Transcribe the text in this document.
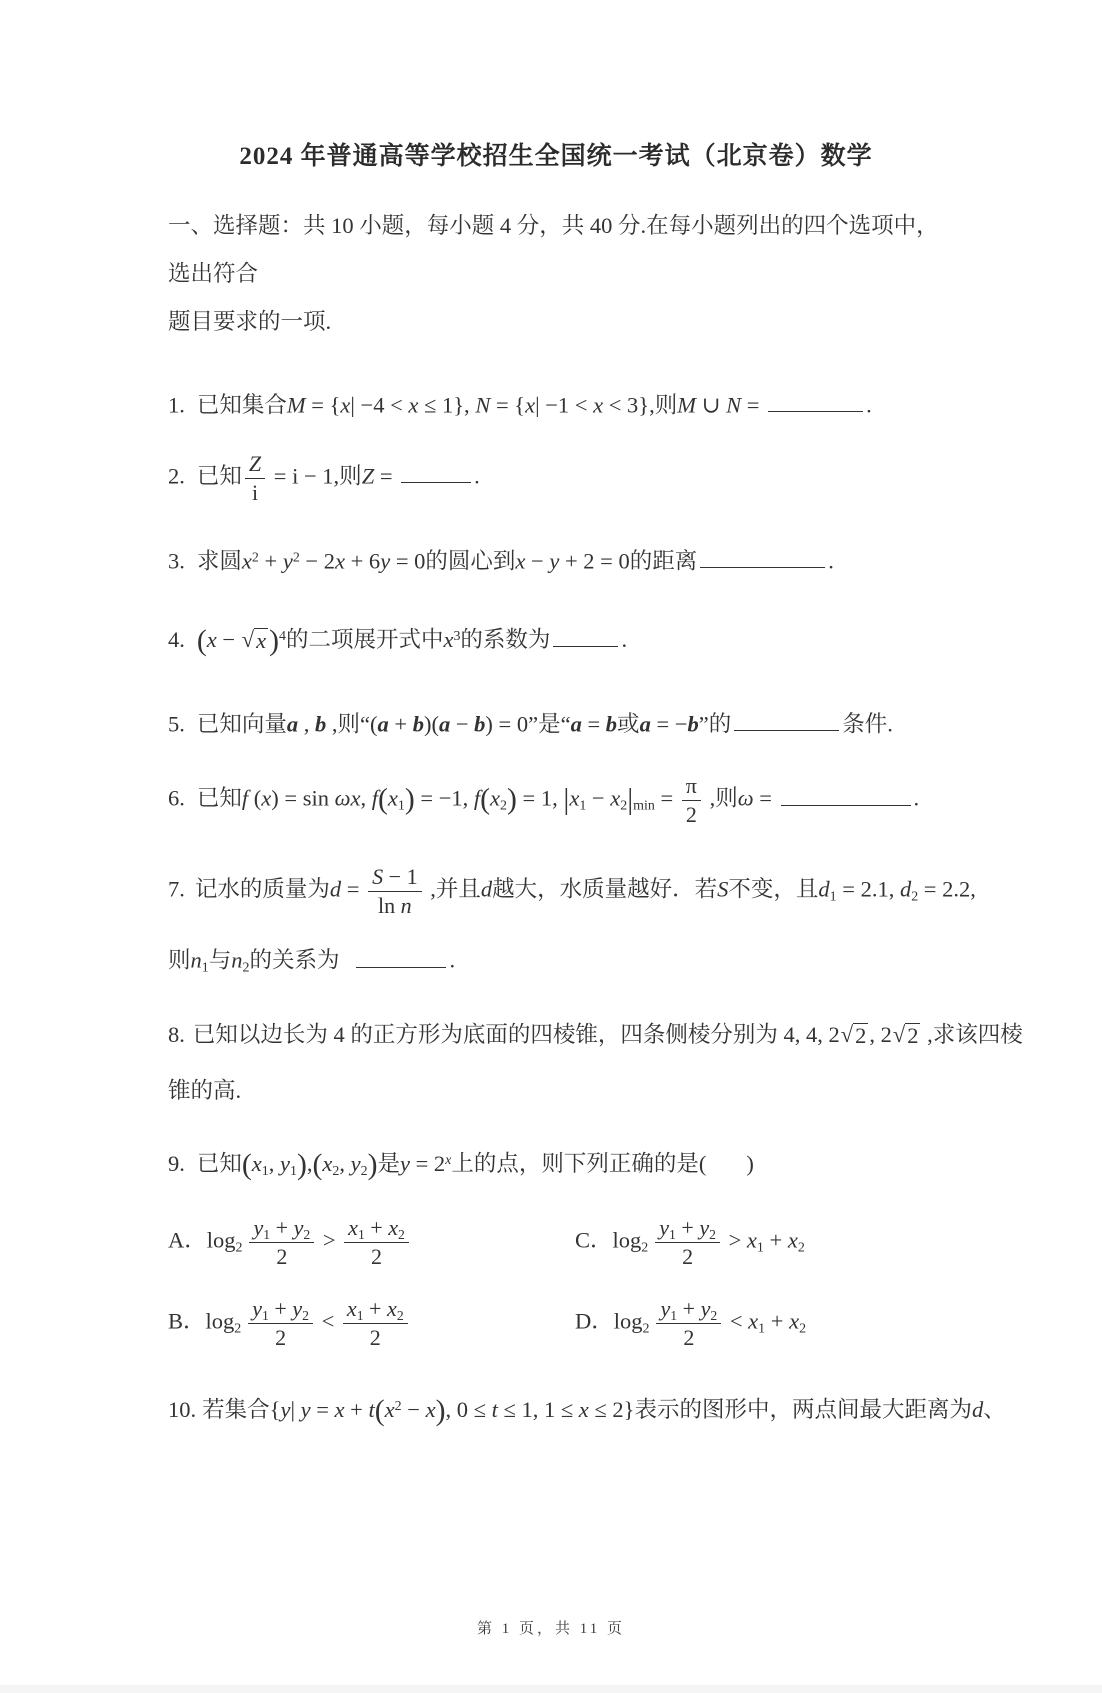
2024 年普通高等学校招生全国统一考试（北京卷）数学
一、选择题：共 10 小题，每小题 4 分，共 40 分.在每小题列出的四个选项中，选出符合
题目要求的一项.
1. 已知集合M = {x| −4 < x ≤ 1}, N = {x| −1 < x < 3},则M ∪ N =	.
2. 已知 $\frac{Z}{i} = i - 1$,则Z =	.
3. 求圆$x^2 + y^2 - 2x + 6y = 0$的圆心到x − y + 2 = 0的距离	.
4. (x − √ x )$^4$的二项展开式中$x^3$的系数为	.
5. 已知向量a , b ,则“(a + b)(a − b) = 0”是“a = b或a = −b”的	条件.
6. 已知f (x) = sin ωx, $f(x_1) = -1$, $f(x_2) = 1$, $|x_1 - x_2|_{min} = \frac{\pi}{2}$ ,则ω =	.
7. 记水的质量为$d = \frac{S - 1}{\text{ln n}}$ ,并且d越大，水质量越好．若S不变，且$d_1 = 2.1$, $d_2 = 2.2$,
则$n_1$与$n_2$的关系为	.
8. 已知以边长为 4 的正方形为底面的四棱锥，四条侧棱分别为 4, 4, 2 √ 2 , 2 √ 2 ,求该四棱
锥的高.
9. 已知($x_1$, $y_1),(x_2$, $y_2$)是$y = 2^x$上的点，则下列正确的是( )
A．$\log_2 \frac{y_1 + y_2}{2} > \frac{x_1 + x_2}{2}$	C．$\log_2 \frac{y_1 + y_2}{2} > x_1 + x_2$
B．$\log_2 \frac{y_1 + y_2}{2} < \frac{x_1 + x_2}{2}$	D．$\log_2 \frac{y_1 + y_2}{2} < x_1 + x_2$
10. 若集合{y| $y = x + t(x^2 - x)$, 0 ≤ t ≤ 1, 1 ≤ x ≤ 2}表示的图形中，两点间最大距离为d、
第 1 页，共 11 页
